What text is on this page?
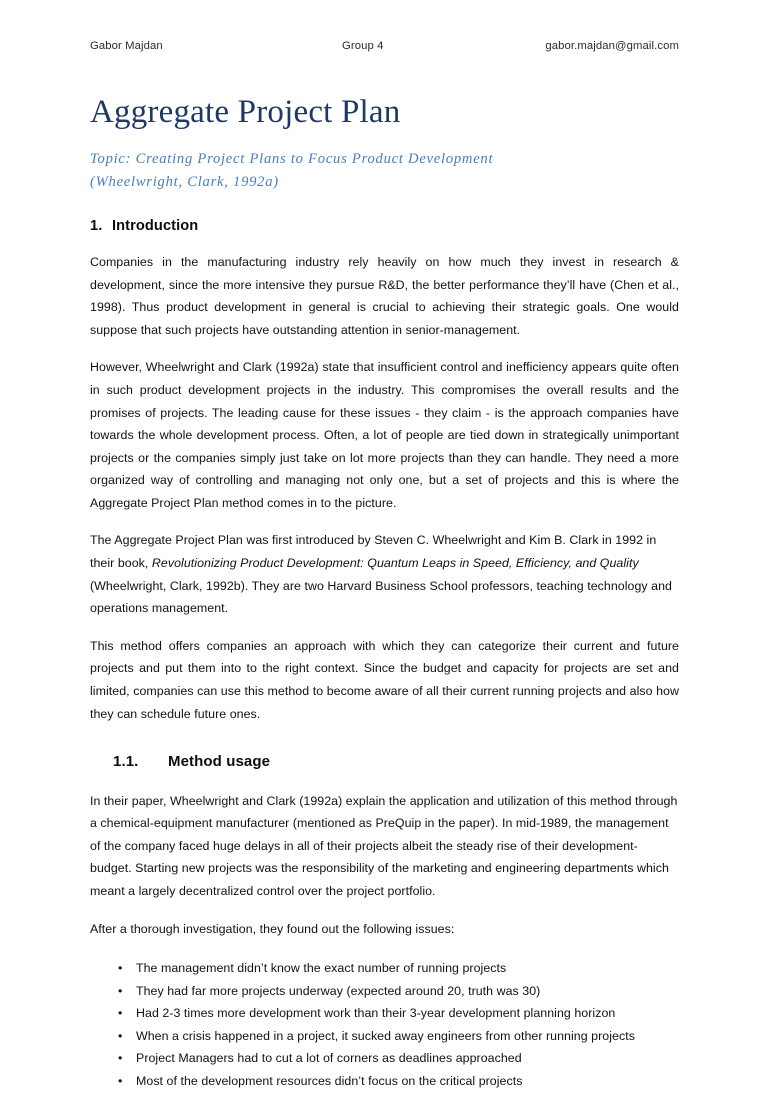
Gabor Majdan	Group 4	gabor.majdan@gmail.com
Aggregate Project Plan
Topic: Creating Project Plans to Focus Product Development
(Wheelwright, Clark, 1992a)
1. Introduction

Companies in the manufacturing industry rely heavily on how much they invest in research & development, since the more intensive they pursue R&D, the better performance they’ll have (Chen et al., 1998). Thus product development in general is crucial to achieving their strategic goals. One would suppose that such projects have outstanding attention in senior-management.

However, Wheelwright and Clark (1992a) state that insufficient control and inefficiency appears quite often in such product development projects in the industry. This compromises the overall results and the promises of projects. The leading cause for these issues - they claim - is the approach companies have towards the whole development process. Often, a lot of people are tied down in strategically unimportant projects or the companies simply just take on lot more projects than they can handle. They need a more organized way of controlling and managing not only one, but a set of projects and this is where the Aggregate Project Plan method comes in to the picture.

The Aggregate Project Plan was first introduced by Steven C. Wheelwright and Kim B. Clark in 1992 in their book, Revolutionizing Product Development: Quantum Leaps in Speed, Efficiency, and Quality (Wheelwright, Clark, 1992b). They are two Harvard Business School professors, teaching technology and operations management.

This method offers companies an approach with which they can categorize their current and future projects and put them into to the right context. Since the budget and capacity for projects are set and limited, companies can use this method to become aware of all their current running projects and also how they can schedule future ones.

1.1. Method usage

In their paper, Wheelwright and Clark (1992a) explain the application and utilization of this method through a chemical-equipment manufacturer (mentioned as PreQuip in the paper). In mid-1989, the management of the company faced huge delays in all of their projects albeit the steady rise of their development-budget. Starting new projects was the responsibility of the marketing and engineering departments which meant a largely decentralized control over the project portfolio.

After a thorough investigation, they found out the following issues:

• The management didn’t know the exact number of running projects
• They had far more projects underway (expected around 20, truth was 30)
• Had 2-3 times more development work than their 3-year development planning horizon
• When a crisis happened in a project, it sucked away engineers from other running projects
• Project Managers had to cut a lot of corners as deadlines approached
• Most of the development resources didn’t focus on the critical projects
